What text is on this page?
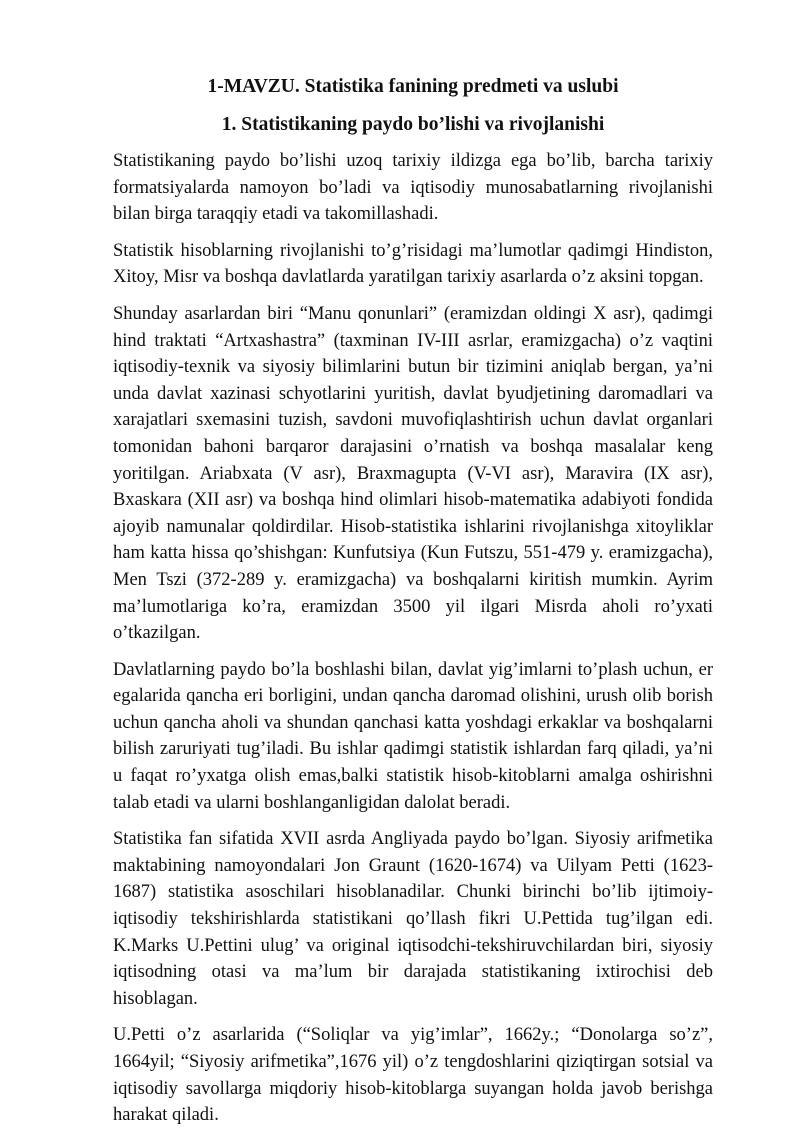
1-MAVZU. Statistika fanining predmeti va uslubi
1. Statistikaning paydo bo’lishi va rivojlanishi

Statistikaning paydo bo’lishi uzoq tarixiy ildizga ega bo’lib, barcha tarixiy formatsiyalarda namoyon bo’ladi va iqtisodiy munosabatlarning rivojlanishi bilan birga taraqqiy etadi va takomillashadi.

Statistik hisoblarning rivojlanishi to’g’risidagi ma’lumotlar qadimgi Hindiston, Xitoy, Misr va boshqa davlatlarda yaratilgan tarixiy asarlarda o’z aksini topgan.

Shunday asarlardan biri “Manu qonunlari” (eramizdan oldingi X asr), qadimgi hind traktati “Artxashastra” (taxminan IV-III asrlar, eramizgacha) o’z vaqtini iqtisodiy-texnik va siyosiy bilimlarini butun bir tizimini aniqlab bergan, ya’ni unda davlat xazinasi schyotlarini yuritish, davlat byudjetining daromadlari va xarajatlari sxemasini tuzish, savdoni muvofiqlashtirish uchun davlat organlari tomonidan bahoni barqaror darajasini o’rnatish va boshqa masalalar keng yoritilgan. Ariabxata (V asr), Braxmagupta (V-VI asr), Maravira (IX asr), Bxaskara (XII asr) va boshqa hind olimlari hisob-matematika adabiyoti fondida ajoyib namunalar qoldirdilar. Hisob-statistika ishlarini rivojlanishga xitoyliklar ham katta hissa qo’shishgan: Kunfutsiya (Kun Futszu, 551-479 y. eramizgacha), Men Tszi (372-289 y. eramizgacha) va boshqalarni kiritish mumkin. Ayrim ma’lumotlariga ko’ra, eramizdan 3500 yil ilgari Misrda aholi ro’yxati o’tkazilgan.

Davlatlarning paydo bo’la boshlashi bilan, davlat yig’imlarni to’plash uchun, er egalarida qancha eri borligini, undan qancha daromad olishini, urush olib borish uchun qancha aholi va shundan qanchasi katta yoshdagi erkaklar va boshqalarni bilish zaruriyati tug’iladi. Bu ishlar qadimgi statistik ishlardan farq qiladi, ya’ni u faqat ro’yxatga olish emas,balki statistik hisob-kitoblarni amalga oshirishni talab etadi va ularni boshlanganligidan dalolat beradi.

Statistika fan sifatida XVII asrda Angliyada paydo bo’lgan. Siyosiy arifmetika maktabining namoyondalari Jon Graunt (1620-1674) va Uilyam Petti (1623-1687) statistika asoschilari hisoblanadilar. Chunki birinchi bo’lib ijtimoiy-iqtisodiy tekshirishlarda statistikani qo’llash fikri U.Pettida tug’ilgan edi. K.Marks U.Pettini ulug’ va original iqtisodchi-tekshiruvchilardan biri, siyosiy iqtisodning otasi va ma’lum bir darajada statistikaning ixtirochisi deb hisoblagan.

U.Petti o’z asarlarida (“Soliqlar va yig’imlar”, 1662y.; “Donolarga so’z”, 1664yil; “Siyosiy arifmetika”,1676 yil) o’z tengdoshlarini qiziqtirgan sotsial va iqtisodiy savollarga miqdoriy hisob-kitoblarga suyangan holda javob berishga harakat qiladi.
